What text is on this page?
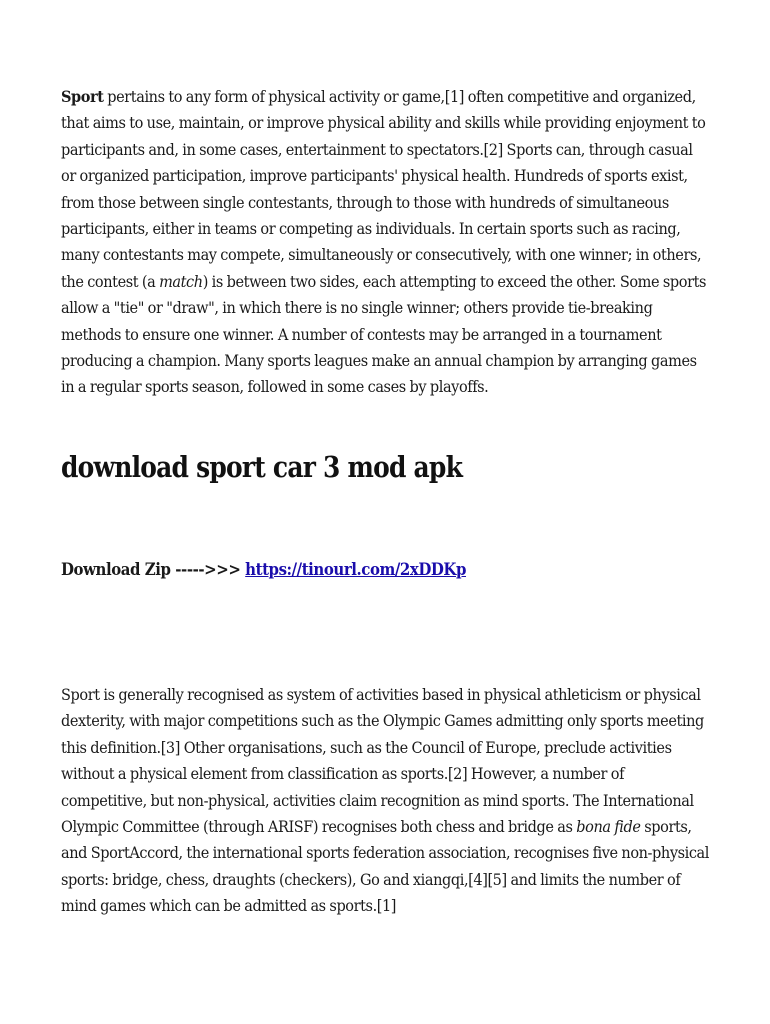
Sport pertains to any form of physical activity or game,[1] often competitive and organized, that aims to use, maintain, or improve physical ability and skills while providing enjoyment to participants and, in some cases, entertainment to spectators.[2] Sports can, through casual or organized participation, improve participants' physical health. Hundreds of sports exist, from those between single contestants, through to those with hundreds of simultaneous participants, either in teams or competing as individuals. In certain sports such as racing, many contestants may compete, simultaneously or consecutively, with one winner; in others, the contest (a match) is between two sides, each attempting to exceed the other. Some sports allow a "tie" or "draw", in which there is no single winner; others provide tie-breaking methods to ensure one winner. A number of contests may be arranged in a tournament producing a champion. Many sports leagues make an annual champion by arranging games in a regular sports season, followed in some cases by playoffs.

download sport car 3 mod apk
Download Zip ----->>> https://tinourl.com/2xDDKp

Sport is generally recognised as system of activities based in physical athleticism or physical dexterity, with major competitions such as the Olympic Games admitting only sports meeting this definition.[3] Other organisations, such as the Council of Europe, preclude activities without a physical element from classification as sports.[2] However, a number of competitive, but non-physical, activities claim recognition as mind sports. The International Olympic Committee (through ARISF) recognises both chess and bridge as bona fide sports, and SportAccord, the international sports federation association, recognises five non-physical sports: bridge, chess, draughts (checkers), Go and xiangqi,[4][5] and limits the number of mind games which can be admitted as sports.[1]
